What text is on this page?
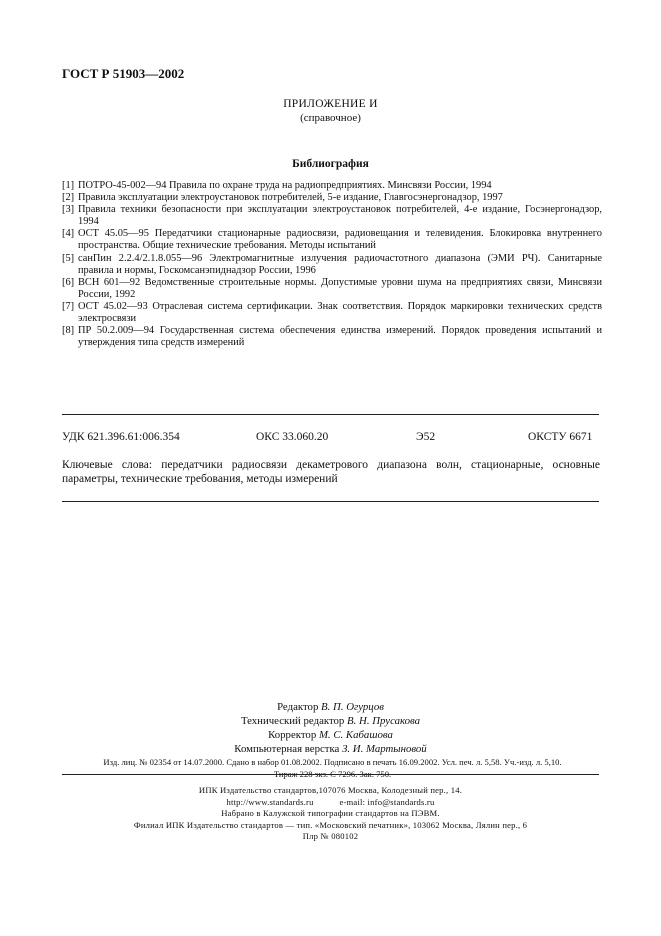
ГОСТ Р 51903—2002
ПРИЛОЖЕНИЕ И
(справочное)
Библиография
[1] ПОТРО-45-002—94 Правила по охране труда на радиопредприятиях. Минсвязи России, 1994
[2] Правила эксплуатации электроустановок потребителей, 5-е издание, Главгосэнергонадзор, 1997
[3] Правила техники безопасности при эксплуатации электроустановок потребителей, 4-е издание, Госэнергонадзор, 1994
[4] ОСТ 45.05—95 Передатчики стационарные радиосвязи, радиовещания и телевидения. Блокировка внутреннего пространства. Общие технические требования. Методы испытаний
[5] санПин 2.2.4/2.1.8.055—96 Электромагнитные излучения радиочастотного диапазона (ЭМИ РЧ). Санитарные правила и нормы, Госкомсанэпиднадзор России, 1996
[6] ВСН 601—92 Ведомственные строительные нормы. Допустимые уровни шума на предприятиях связи, Минсвязи России, 1992
[7] ОСТ 45.02—93 Отраслевая система сертификации. Знак соответствия. Порядок маркировки технических средств электросвязи
[8] ПР 50.2.009—94 Государственная система обеспечения единства измерений. Порядок проведения испытаний и утверждения типа средств измерений
УДК 621.396.61:006.354	ОКС 33.060.20	Э52	ОКСТУ 6671
Ключевые слова: передатчики радиосвязи декаметрового диапазона волн, стационарные, основные параметры, технические требования, методы измерений
Редактор В. П. Огурцов
Технический редактор В. Н. Прусакова
Корректор М. С. Кабашова
Компьютерная верстка З. И. Мартыновой
Изд. лиц. № 02354 от 14.07.2000. Сдано в набор 01.08.2002. Подписано в печать 16.09.2002. Усл. печ. л. 5,58. Уч.-изд. л. 5,10.
Тираж 228 экз. С 7296. Зак. 750.
ИПК Издательство стандартов,107076 Москва, Колодезный пер., 14.
http://www.standards.ru	e-mail: info@standards.ru
Набрано в Калужской типографии стандартов на ПЭВМ.
Филиал ИПК Издательство стандартов — тип. «Московский печатник», 103062 Москва, Лялин пер., 6
Плр № 080102
